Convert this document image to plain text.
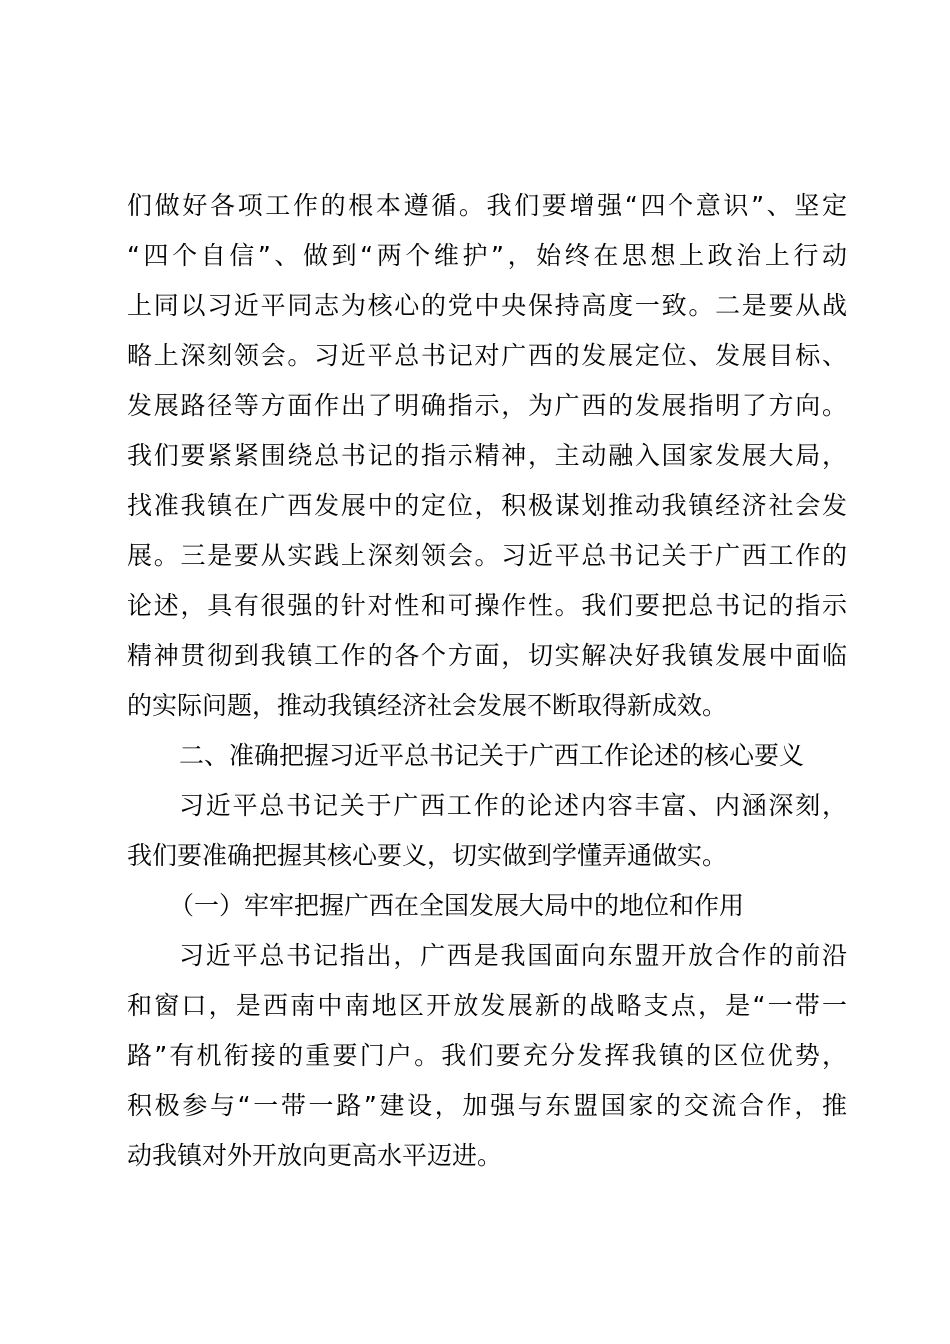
们做好各项工作的根本遵循。我们要增强“四个意识”、坚定
“四个自信”、做到“两个维护”，始终在思想上政治上行动
上同以习近平同志为核心的党中央保持高度一致。二是要从战
略上深刻领会。习近平总书记对广西的发展定位、发展目标、
发展路径等方面作出了明确指示，为广西的发展指明了方向。
我们要紧紧围绕总书记的指示精神，主动融入国家发展大局，
找准我镇在广西发展中的定位，积极谋划推动我镇经济社会发
展。三是要从实践上深刻领会。习近平总书记关于广西工作的
论述，具有很强的针对性和可操作性。我们要把总书记的指示
精神贯彻到我镇工作的各个方面，切实解决好我镇发展中面临
的实际问题，推动我镇经济社会发展不断取得新成效。
二、准确把握习近平总书记关于广西工作论述的核心要义
习近平总书记关于广西工作的论述内容丰富、内涵深刻，
我们要准确把握其核心要义，切实做到学懂弄通做实。
（一）牢牢把握广西在全国发展大局中的地位和作用
习近平总书记指出，广西是我国面向东盟开放合作的前沿
和窗口，是西南中南地区开放发展新的战略支点，是“一带一
路”有机衔接的重要门户。我们要充分发挥我镇的区位优势，
积极参与“一带一路”建设，加强与东盟国家的交流合作，推
动我镇对外开放向更高水平迈进。
